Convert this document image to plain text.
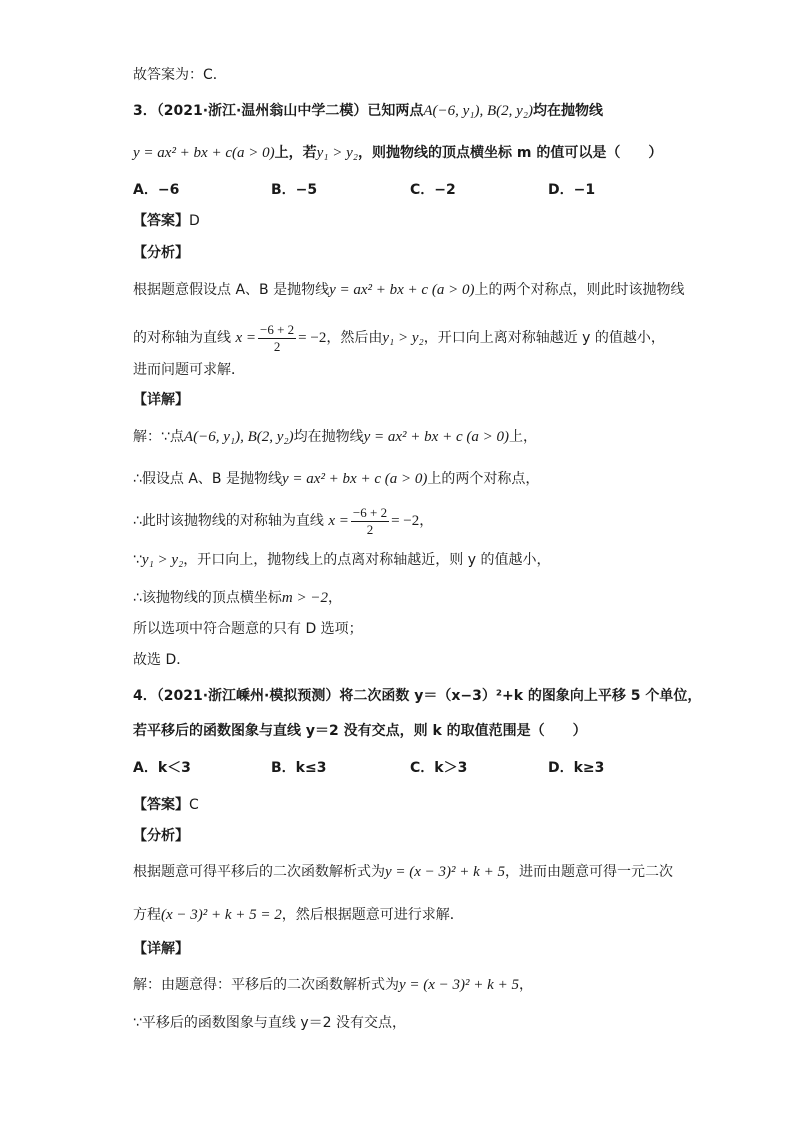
故答案为：C．
3．（2021·浙江·温州翁山中学二模）已知两点A(−6, y₁), B(2, y₂)均在抛物线
y = ax² + bx + c(a > 0)上，若y₁ > y₂，则抛物线的顶点横坐标 m 的值可以是（　　）
A．−6	B．−5	C．−2	D．−1
【答案】D
【分析】
根据题意假设点 A、B 是抛物线y = ax² + bx + c (a > 0)上的两个对称点，则此时该抛物线
的对称轴为直线 $x = \frac{-6 + 2}{2} = -2$，然后由y₁ > y₂，开口向上离对称轴越近 y 的值越小，
进而问题可求解．
【详解】
解：∵点A(−6, y₁), B(2, y₂)均在抛物线y = ax² + bx + c (a > 0)上，
∴假设点 A、B 是抛物线y = ax² + bx + c (a > 0)上的两个对称点，
∴此时该抛物线的对称轴为直线 $x = \frac{-6 + 2}{2} = -2$，
∵y₁ > y₂，开口向上，抛物线上的点离对称轴越近，则 y 的值越小，
∴该抛物线的顶点横坐标m > −2，
所以选项中符合题意的只有 D 选项；
故选 D．
4．（2021·浙江嵊州·模拟预测）将二次函数 y＝（x−3）²+k 的图象向上平移 5 个单位，
若平移后的函数图象与直线 y＝2 没有交点，则 k 的取值范围是（　　）
A．k＜3	B．k≤3	C．k＞3	D．k≥3
【答案】C
【分析】
根据题意可得平移后的二次函数解析式为y = (x − 3)² + k + 5，进而由题意可得一元二次
方程(x − 3)² + k + 5 = 2，然后根据题意可进行求解．
【详解】
解：由题意得：平移后的二次函数解析式为y = (x − 3)² + k + 5，
∵平移后的函数图象与直线 y＝2 没有交点，
